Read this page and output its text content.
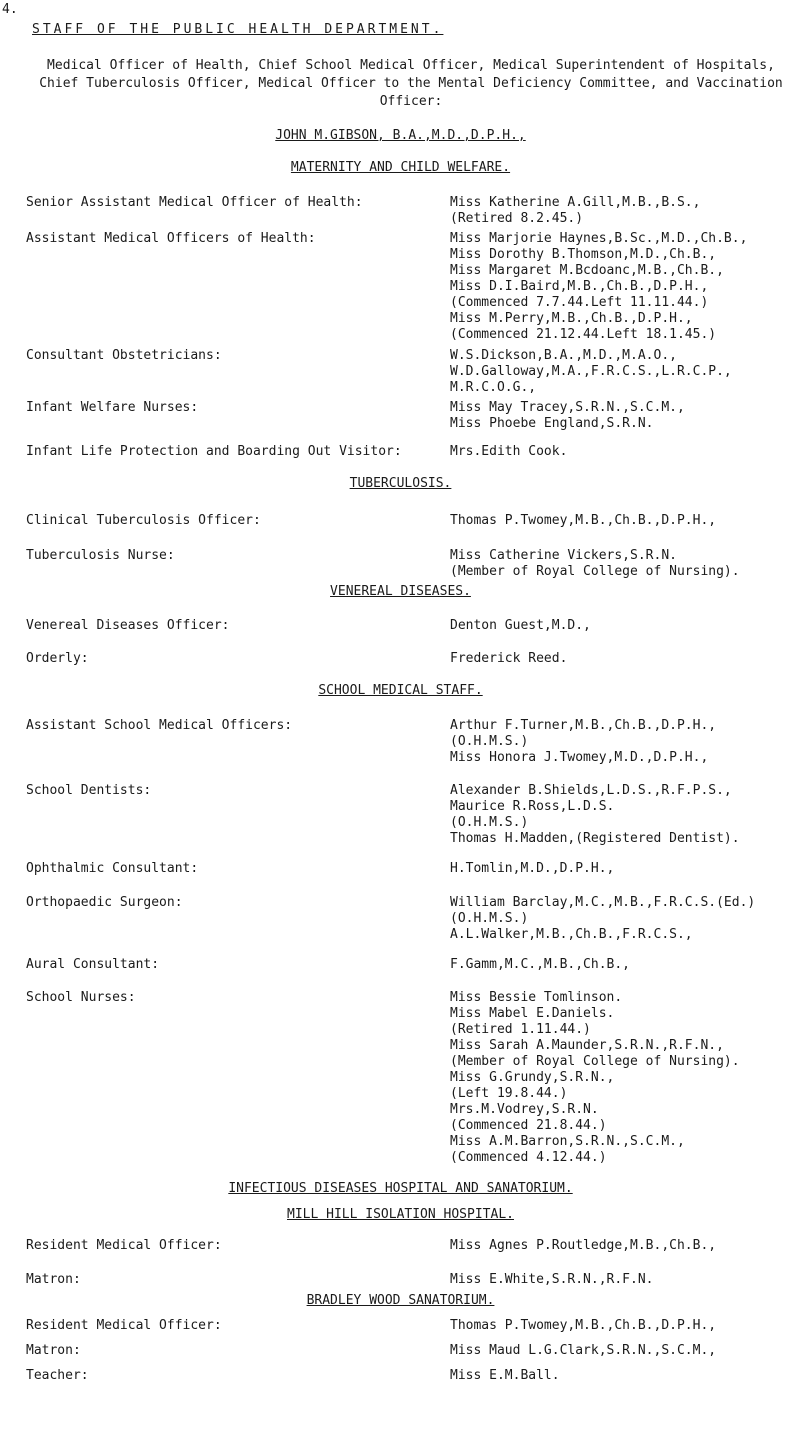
4.
STAFF OF THE PUBLIC HEALTH DEPARTMENT.
Medical Officer of Health, Chief School Medical Officer, Medical Superintendent of Hospitals, Chief Tuberculosis Officer, Medical Officer to the Mental Deficiency Committee, and Vaccination Officer:
JOHN M.GIBSON, B.A.,M.D.,D.P.H.,
MATERNITY AND CHILD WELFARE.
Senior Assistant Medical Officer of Health:	Miss Katherine A.Gill,M.B.,B.S.,
(Retired 8.2.45.)
Assistant Medical Officers of Health:	Miss Marjorie Haynes,B.Sc.,M.D.,Ch.B.,
Miss Dorothy B.Thomson,M.D.,Ch.B.,
Miss Margaret M.Bcdoanc,M.B.,Ch.B.,
Miss D.I.Baird,M.B.,Ch.B.,D.P.H.,
(Commenced 7.7.44.Left 11.11.44.)
Miss M.Perry,M.B.,Ch.B.,D.P.H.,
(Commenced 21.12.44.Left 18.1.45.)
Consultant Obstetricians:	W.S.Dickson,B.A.,M.D.,M.A.O.,
W.D.Galloway,M.A.,F.R.C.S.,L.R.C.P.,
M.R.C.O.G.,
Infant Welfare Nurses:	Miss May Tracey,S.R.N.,S.C.M.,
Miss Phoebe England,S.R.N.
Infant Life Protection and Boarding Out Visitor:	Mrs.Edith Cook.
TUBERCULOSIS.
Clinical Tuberculosis Officer:	Thomas P.Twomey,M.B.,Ch.B.,D.P.H.,
Tuberculosis Nurse:	Miss Catherine Vickers,S.R.N.
(Member of Royal College of Nursing).
VENEREAL DISEASES.
Venereal Diseases Officer:	Denton Guest,M.D.,
Orderly:	Frederick Reed.
SCHOOL MEDICAL STAFF.
Assistant School Medical Officers:	Arthur F.Turner,M.B.,Ch.B.,D.P.H.,
(O.H.M.S.)
Miss Honora J.Twomey,M.D.,D.P.H.,
School Dentists:	Alexander B.Shields,L.D.S.,R.F.P.S.,
Maurice R.Ross,L.D.S.
(O.H.M.S.)
Thomas H.Madden,(Registered Dentist).
Ophthalmic Consultant:	H.Tomlin,M.D.,D.P.H.,
Orthopaedic Surgeon:	William Barclay,M.C.,M.B.,F.R.C.S.(Ed.)
(O.H.M.S.)
A.L.Walker,M.B.,Ch.B.,F.R.C.S.,
Aural Consultant:	F.Gamm,M.C.,M.B.,Ch.B.,
School Nurses:	Miss Bessie Tomlinson.
Miss Mabel E.Daniels.
(Retired 1.11.44.)
Miss Sarah A.Maunder,S.R.N.,R.F.N.,
(Member of Royal College of Nursing).
Miss G.Grundy,S.R.N.,
(Left 19.8.44.)
Mrs.M.Vodrey,S.R.N.
(Commenced 21.8.44.)
Miss A.M.Barron,S.R.N.,S.C.M.,
(Commenced 4.12.44.)
INFECTIOUS DISEASES HOSPITAL AND SANATORIUM.
MILL HILL ISOLATION HOSPITAL.
Resident Medical Officer:	Miss Agnes P.Routledge,M.B.,Ch.B.,
Matron:	Miss E.White,S.R.N.,R.F.N.
BRADLEY WOOD SANATORIUM.
Resident Medical Officer:	Thomas P.Twomey,M.B.,Ch.B.,D.P.H.,
Matron:	Miss Maud L.G.Clark,S.R.N.,S.C.M.,
Teacher:	Miss E.M.Ball.
